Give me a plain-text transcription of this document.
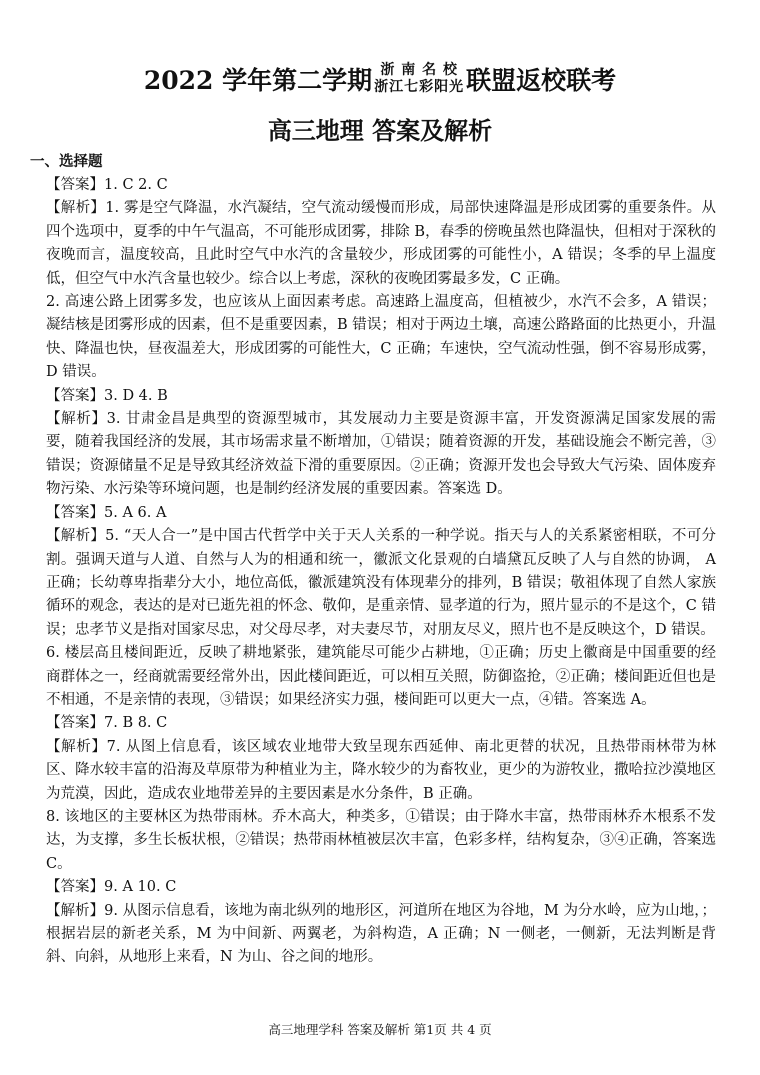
2022 学年第二学期 浙 南 名 校
浙江七彩阳光 联盟返校联考
高三地理 答案及解析
一、选择题

【答案】1. C 2. C

【解析】1. 雾是空气降温，水汽凝结，空气流动缓慢而形成，局部快速降温是形成团雾的重要条件。从四个选项中，夏季的中午气温高，不可能形成团雾，排除 B，春季的傍晚虽然也降温快，但相对于深秋的夜晚而言，温度较高，且此时空气中水汽的含量较少，形成团雾的可能性小，A 错误；冬季的早上温度低，但空气中水汽含量也较少。综合以上考虑，深秋的夜晚团雾最多发，C 正确。

2. 高速公路上团雾多发，也应该从上面因素考虑。高速路上温度高，但植被少，水汽不会多，A 错误；凝结核是团雾形成的因素，但不是重要因素，B 错误；相对于两边土壤，高速公路路面的比热更小，升温快、降温也快，昼夜温差大，形成团雾的可能性大，C 正确；车速快，空气流动性强，倒不容易形成雾，D 错误。

【答案】3. D 4. B

【解析】3. 甘肃金昌是典型的资源型城市，其发展动力主要是资源丰富，开发资源满足国家发展的需要，随着我国经济的发展，其市场需求量不断增加，①错误；随着资源的开发，基础设施会不断完善，③错误；资源储量不足是导致其经济效益下滑的重要原因。②正确；资源开发也会导致大气污染、固体废弃物污染、水污染等环境问题，也是制约经济发展的重要因素。答案选 D。

【答案】5. A 6. A

【解析】5. “天人合一”是中国古代哲学中关于天人关系的一种学说。指天与人的关系紧密相联，不可分割。强调天道与人道、自然与人为的相通和统一，徽派文化景观的白墙黛瓦反映了人与自然的协调， A 正确；长幼尊卑指辈分大小，地位高低，徽派建筑没有体现辈分的排列，B 错误；敬祖体现了自然人家族循环的观念，表达的是对已逝先祖的怀念、敬仰，是重亲情、显孝道的行为，照片显示的不是这个，C 错误；忠孝节义是指对国家尽忠，对父母尽孝，对夫妻尽节，对朋友尽义，照片也不是反映这个，D 错误。

6. 楼层高且楼间距近，反映了耕地紧张，建筑能尽可能少占耕地，①正确；历史上徽商是中国重要的经商群体之一，经商就需要经常外出，因此楼间距近，可以相互关照，防御盗抢，②正确；楼间距近但也是不相通，不是亲情的表现，③错误；如果经济实力强，楼间距可以更大一点，④错。答案选 A。

【答案】7. B 8. C

【解析】7. 从图上信息看，该区域农业地带大致呈现东西延伸、南北更替的状况，且热带雨林带为林区、降水较丰富的沿海及草原带为种植业为主，降水较少的为畜牧业，更少的为游牧业，撒哈拉沙漠地区为荒漠，因此，造成农业地带差异的主要因素是水分条件，B 正确。

8. 该地区的主要林区为热带雨林。乔木高大，种类多，①错误；由于降水丰富，热带雨林乔木根系不发达，为支撑，多生长板状根，②错误；热带雨林植被层次丰富，色彩多样，结构复杂，③④正确，答案选 C。

【答案】9. A 10. C

【解析】9. 从图示信息看，该地为南北纵列的地形区，河道所在地区为谷地，M 为分水岭，应为山地，；根据岩层的新老关系，M 为中间新、两翼老，为斜构造，A 正确；N 一侧老，一侧新，无法判断是背斜、向斜，从地形上来看，N 为山、谷之间的地形。

高三地理学科 答案及解析 第1页 共 4 页
